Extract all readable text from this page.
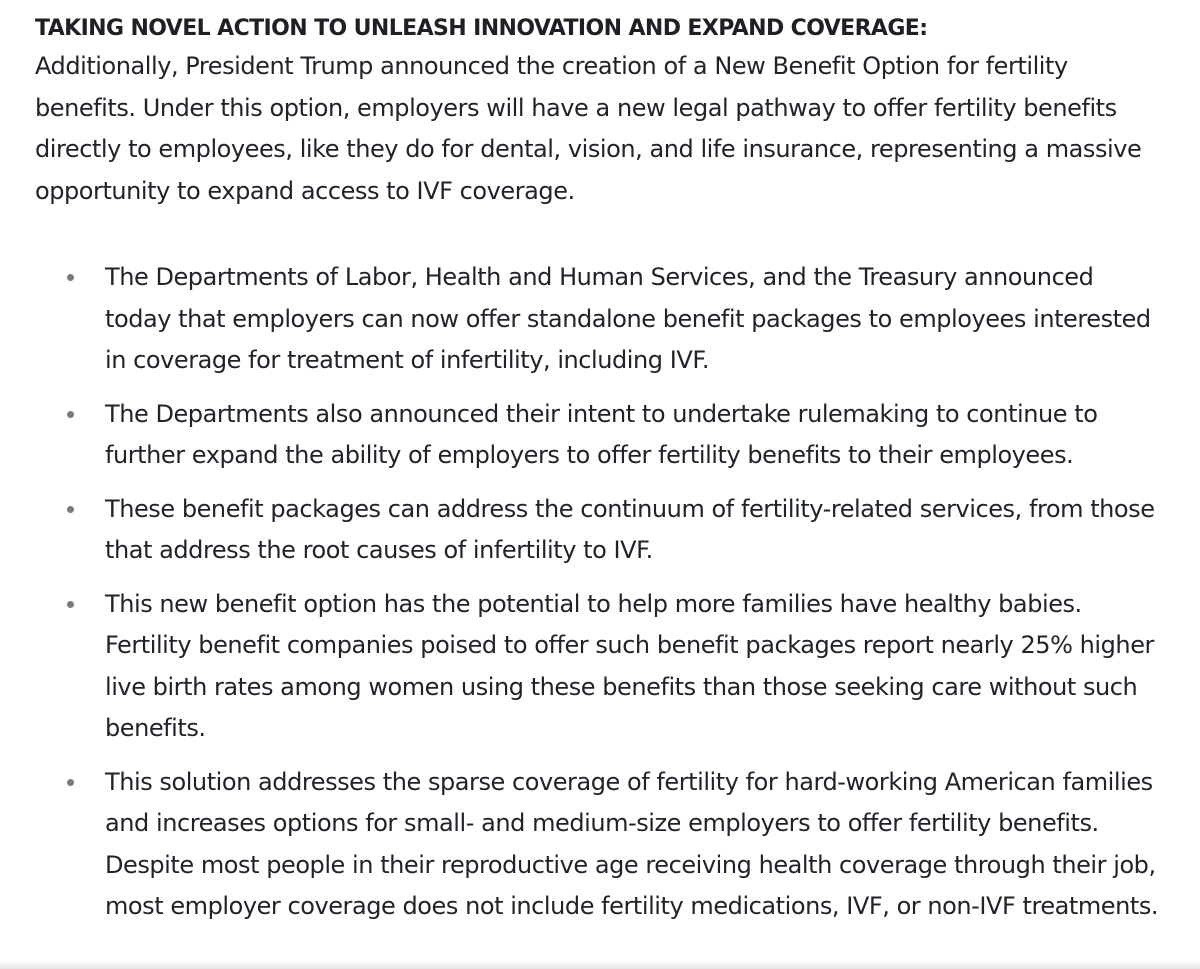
TAKING NOVEL ACTION TO UNLEASH INNOVATION AND EXPAND COVERAGE:

Additionally, President Trump announced the creation of a New Benefit Option for fertility benefits. Under this option, employers will have a new legal pathway to offer fertility benefits directly to employees, like they do for dental, vision, and life insurance, representing a massive opportunity to expand access to IVF coverage.

The Departments of Labor, Health and Human Services, and the Treasury announced today that employers can now offer standalone benefit packages to employees interested in coverage for treatment of infertility, including IVF.
The Departments also announced their intent to undertake rulemaking to continue to further expand the ability of employers to offer fertility benefits to their employees.
These benefit packages can address the continuum of fertility-related services, from those that address the root causes of infertility to IVF.
This new benefit option has the potential to help more families have healthy babies. Fertility benefit companies poised to offer such benefit packages report nearly 25% higher live birth rates among women using these benefits than those seeking care without such benefits.
This solution addresses the sparse coverage of fertility for hard-working American families and increases options for small- and medium-size employers to offer fertility benefits. Despite most people in their reproductive age receiving health coverage through their job, most employer coverage does not include fertility medications, IVF, or non-IVF treatments.
